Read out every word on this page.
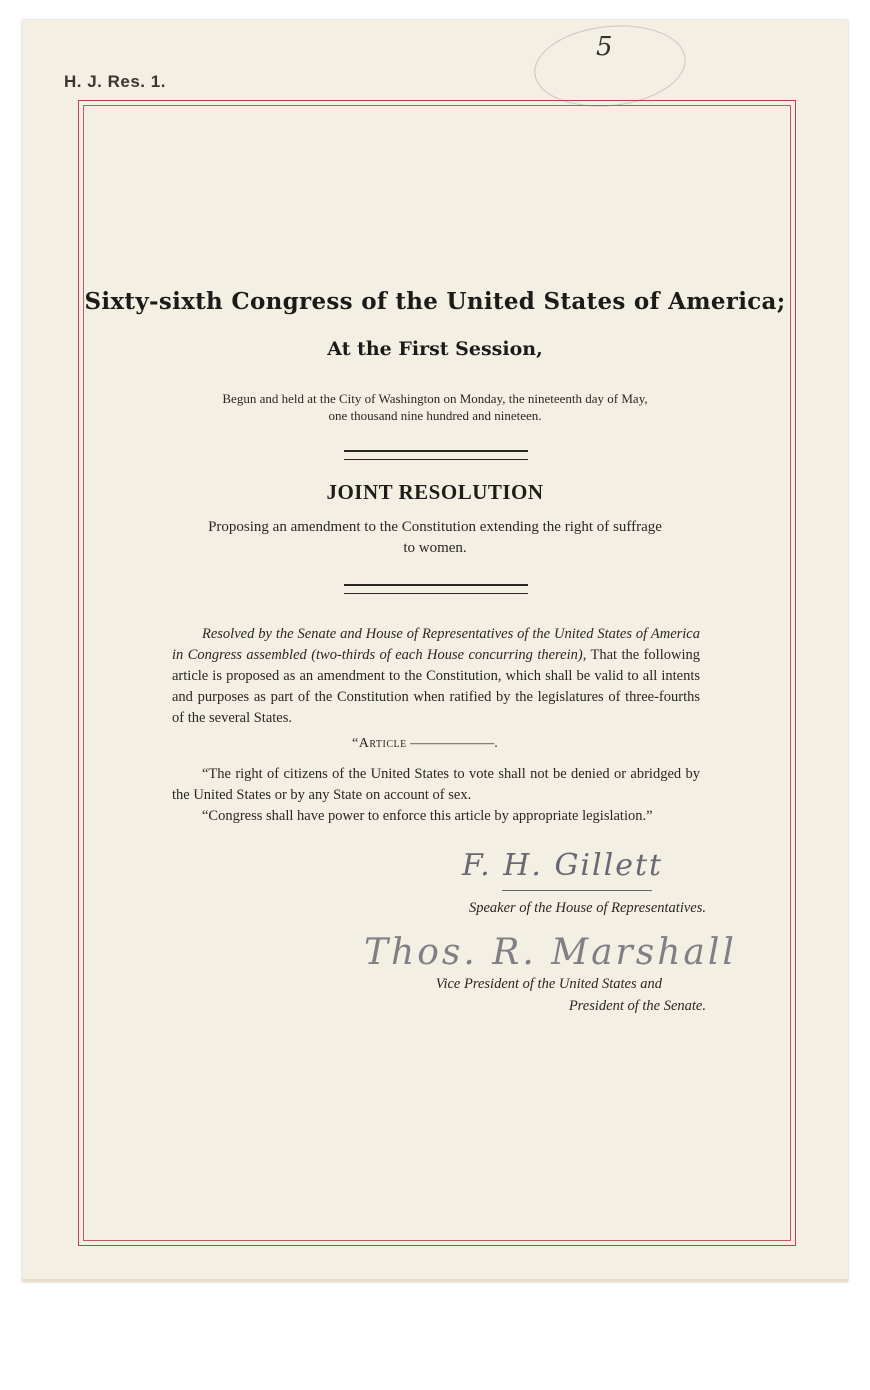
5
H. J. Res. 1.
Sixty-sixth Congress of the United States of America;
At the First Session,
Begun and held at the City of Washington on Monday, the nineteenth day of May,
one thousand nine hundred and nineteen.
JOINT RESOLUTION
Proposing an amendment to the Constitution extending the right of suffrage
to women.

Resolved by the Senate and House of Representatives of the United States of America in Congress assembled (two-thirds of each House concurring therein), That the following article is proposed as an amendment to the Constitution, which shall be valid to all intents and purposes as part of the Constitution when ratified by the legislatures of three-fourths of the several States.

“Article ——————.

“The right of citizens of the United States to vote shall not be denied or abridged by the United States or by any State on account of sex.

“Congress shall have power to enforce this article by appropriate legislation.”

F. H. Gillett
Speaker of the House of Representatives.
Thos. R. Marshall
Vice President of the United States and
President of the Senate.
